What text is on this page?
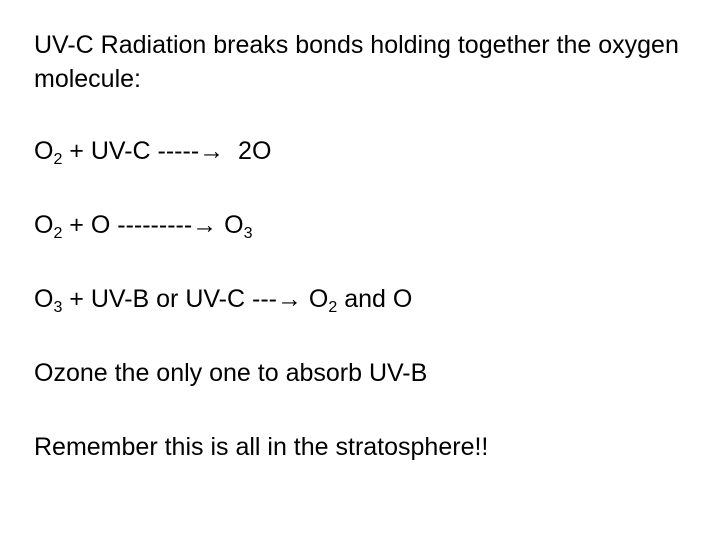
UV-C Radiation breaks bonds holding together the oxygen molecule:

$O_2 + UV-C$ -----→  2O

$O_2 + O$ ---------→ $O_3$

$O_3 + UV-B$ or UV-C ---→ $O_2$ and O

Ozone the only one to absorb UV-B

Remember this is all in the stratosphere!!
